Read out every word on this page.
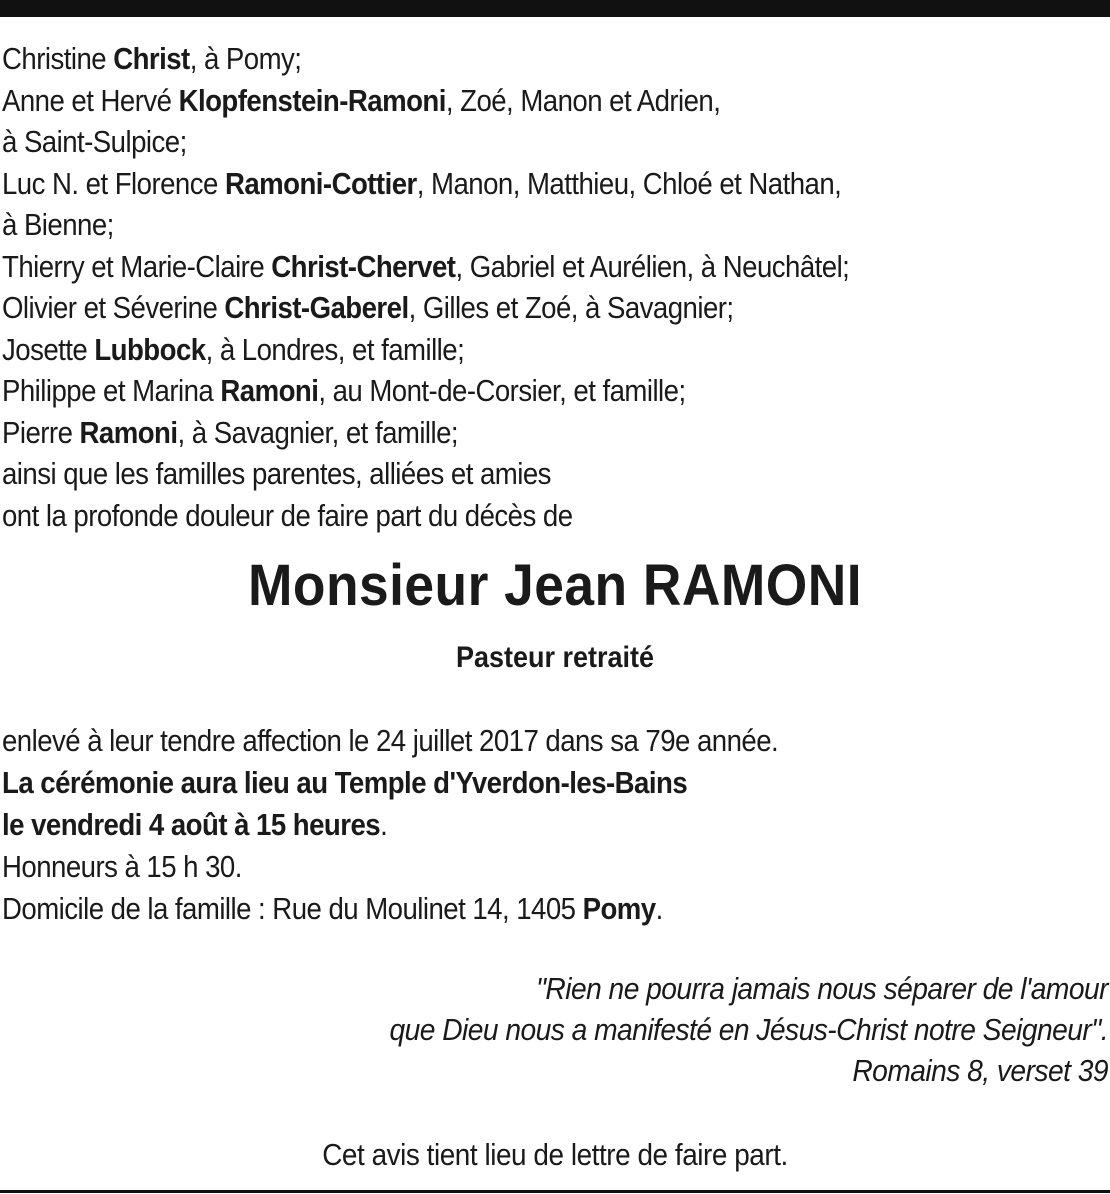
Christine Christ, à Pomy;
Anne et Hervé Klopfenstein-Ramoni, Zoé, Manon et Adrien,
à Saint-Sulpice;
Luc N. et Florence Ramoni-Cottier, Manon, Matthieu, Chloé et Nathan,
à Bienne;
Thierry et Marie-Claire Christ-Chervet, Gabriel et Aurélien, à Neuchâtel;
Olivier et Séverine Christ-Gaberel, Gilles et Zoé, à Savagnier;
Josette Lubbock, à Londres, et famille;
Philippe et Marina Ramoni, au Mont-de-Corsier, et famille;
Pierre Ramoni, à Savagnier, et famille;
ainsi que les familles parentes, alliées et amies
ont la profonde douleur de faire part du décès de
Monsieur Jean RAMONI
Pasteur retraité
enlevé à leur tendre affection le 24 juillet 2017 dans sa 79e année.
La cérémonie aura lieu au Temple d'Yverdon-les-Bains
le vendredi 4 août à 15 heures.
Honneurs à 15 h 30.
Domicile de la famille : Rue du Moulinet 14, 1405 Pomy.
"Rien ne pourra jamais nous séparer de l'amour
que Dieu nous a manifesté en Jésus-Christ notre Seigneur".
Romains 8, verset 39
Cet avis tient lieu de lettre de faire part.
